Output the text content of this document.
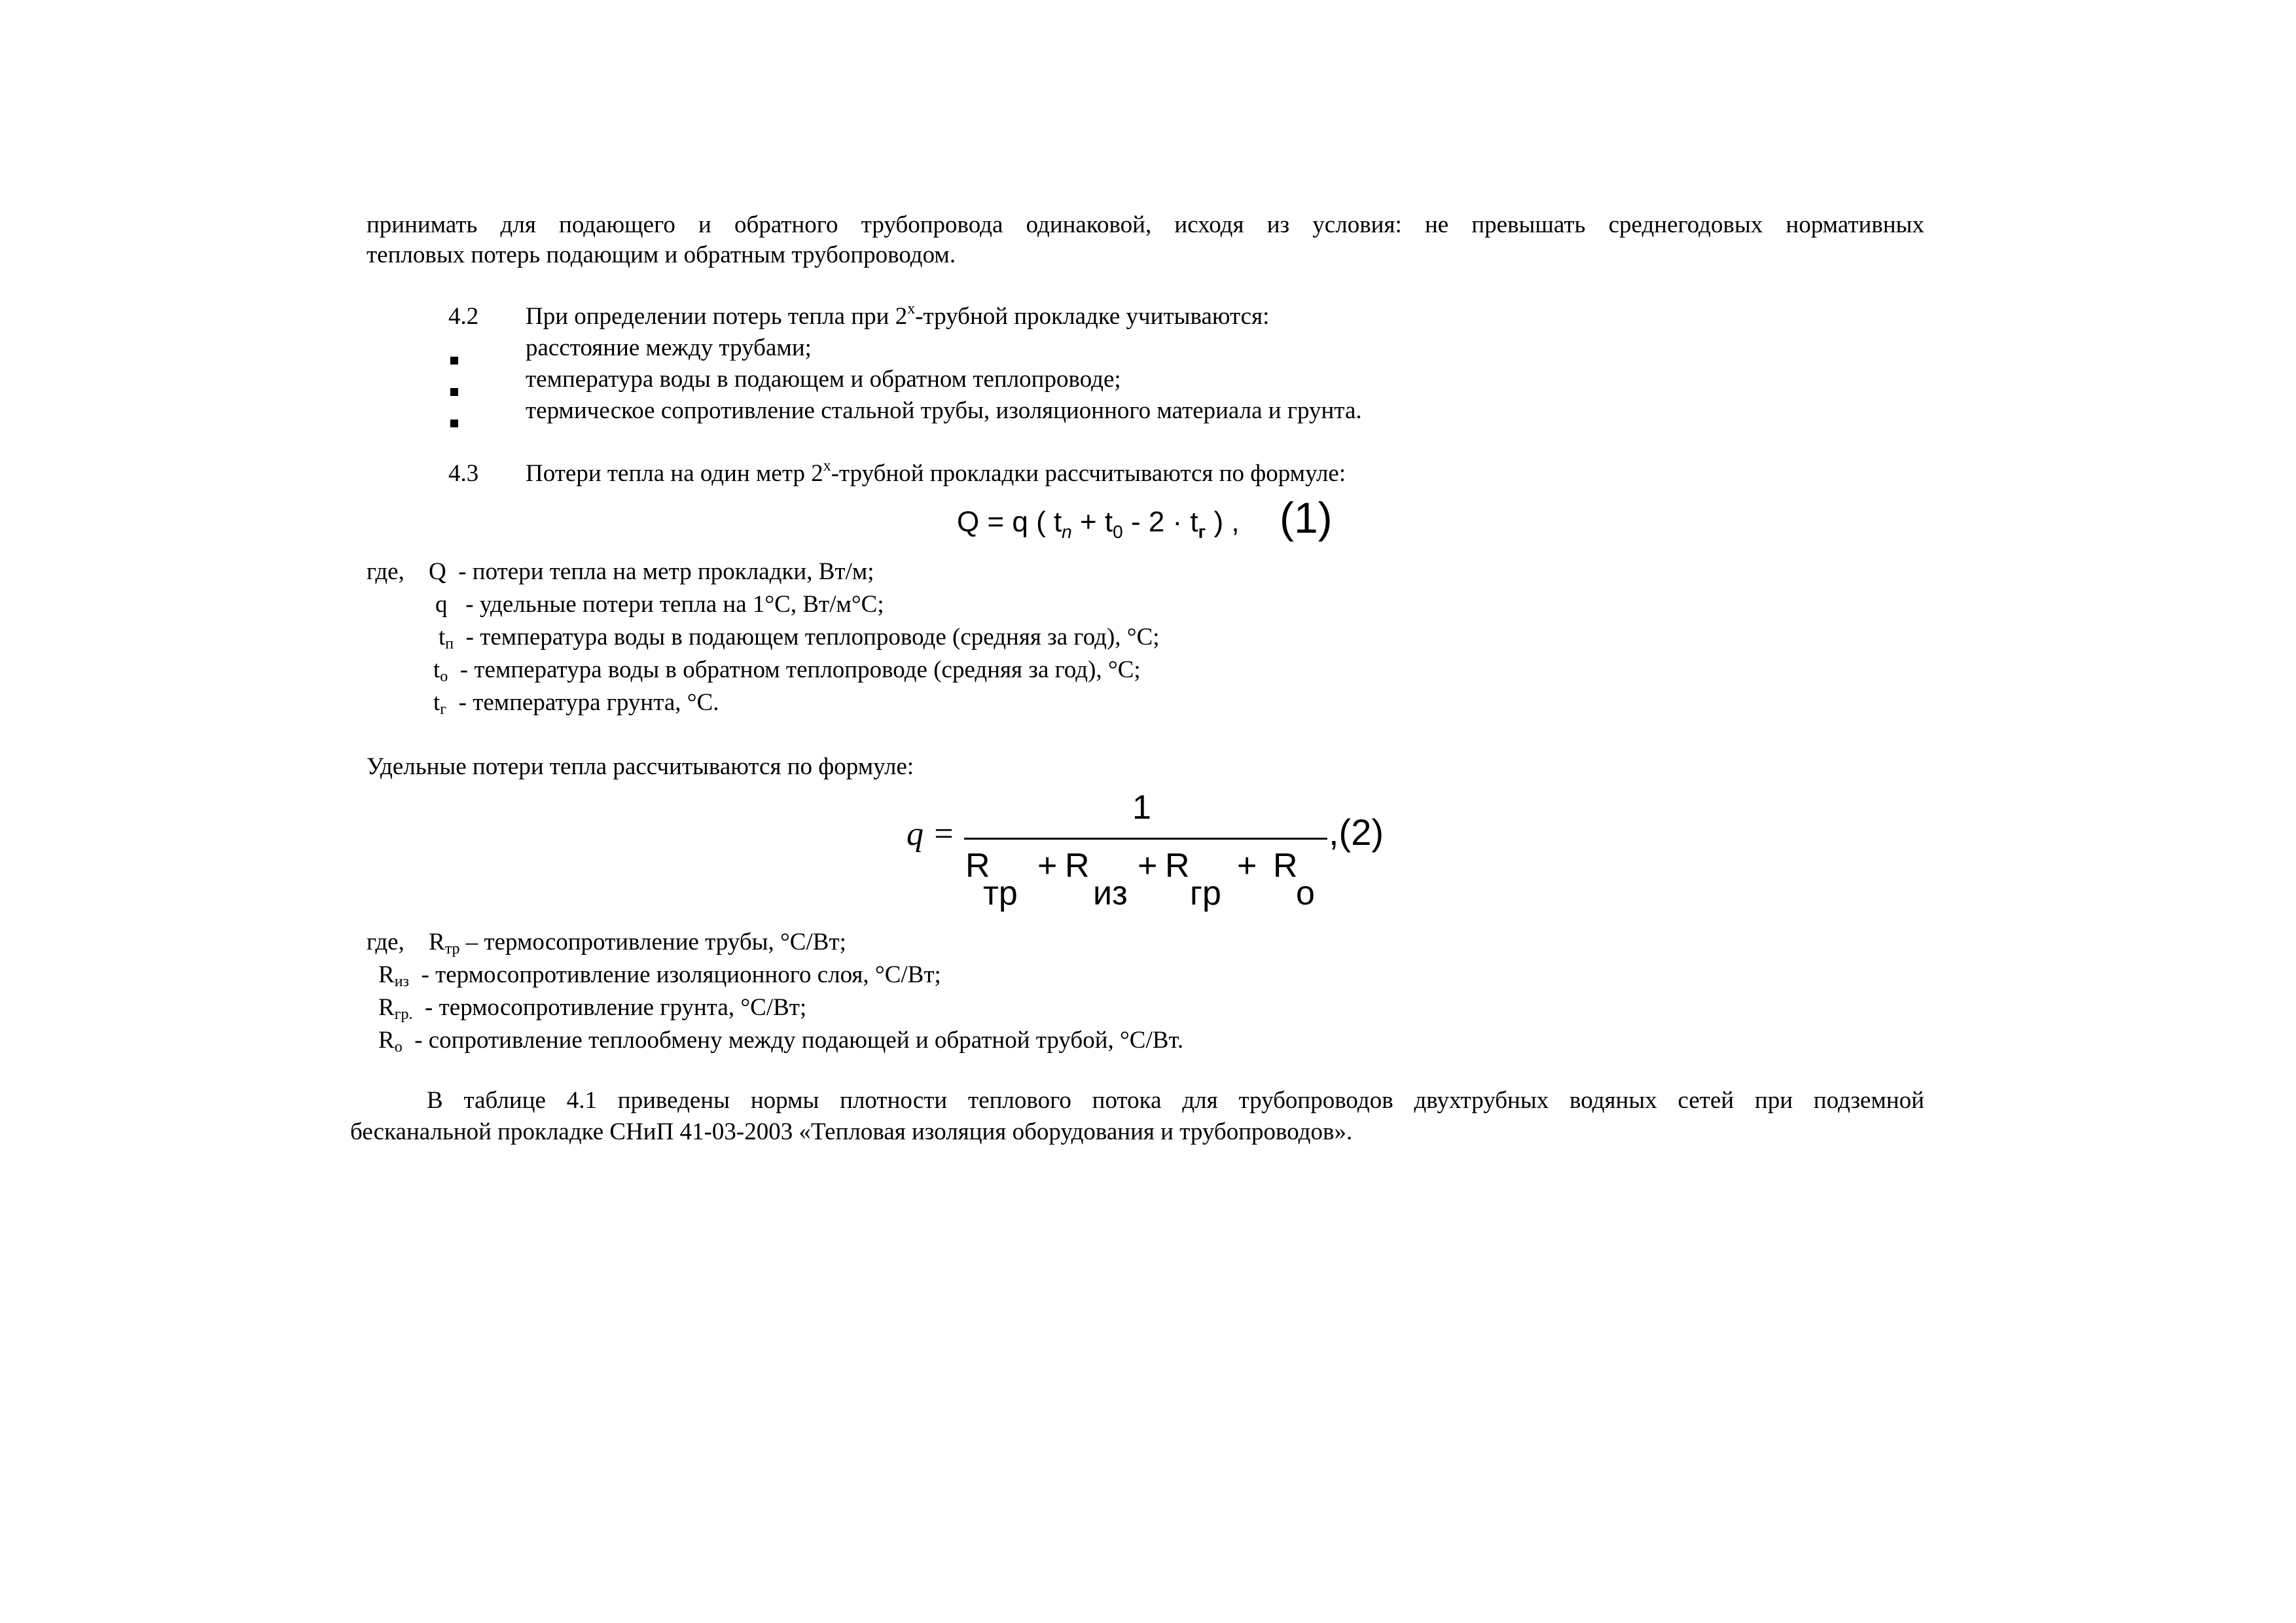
принимать для подающего и обратного трубопровода одинаковой, исходя из условия: не превышать среднегодовых нормативных
тепловых потерь подающим и обратным трубопроводом.
4.2 При определении потерь тепла при $2^х$-трубной прокладке учитываются:
расстояние между трубами;
температура воды в подающем и обратном теплопроводе;
термическое сопротивление стальной трубы, изоляционного материала и грунта.
4.3 Потери тепла на один метр $2^х$-трубной прокладки рассчитываются по формуле:
Q = q ( $t_n + t_0 - 2 \cdot t_г$ ) , (1)
где, Q - потери тепла на метр прокладки, Вт/м;
q - удельные потери тепла на 1°С, Вт/м°С;
$t_п$ - температура воды в подающем теплопроводе (средняя за год), °С;
$t_о$ - температура воды в обратном теплопроводе (средняя за год), °С;
$t_г$ - температура грунта, °С.
Удельные потери тепла рассчитываются по формуле:
q =
1
R
тр
+ R
из
+ R
гр
+ R
о
,(2)
где, $R_{тр}$ – термосопротивление трубы, °С/Вт;
$R_{из}$ - термосопротивление изоляционного слоя, °С/Вт;
$R_{гр.}$ - термосопротивление грунта, °С/Вт;
$R_о$ - сопротивление теплообмену между подающей и обратной трубой, °С/Вт.
В таблице 4.1 приведены нормы плотности теплового потока для трубопроводов двухтрубных водяных сетей при подземной
бесканальной прокладке СНиП 41-03-2003 «Тепловая изоляция оборудования и трубопроводов».
